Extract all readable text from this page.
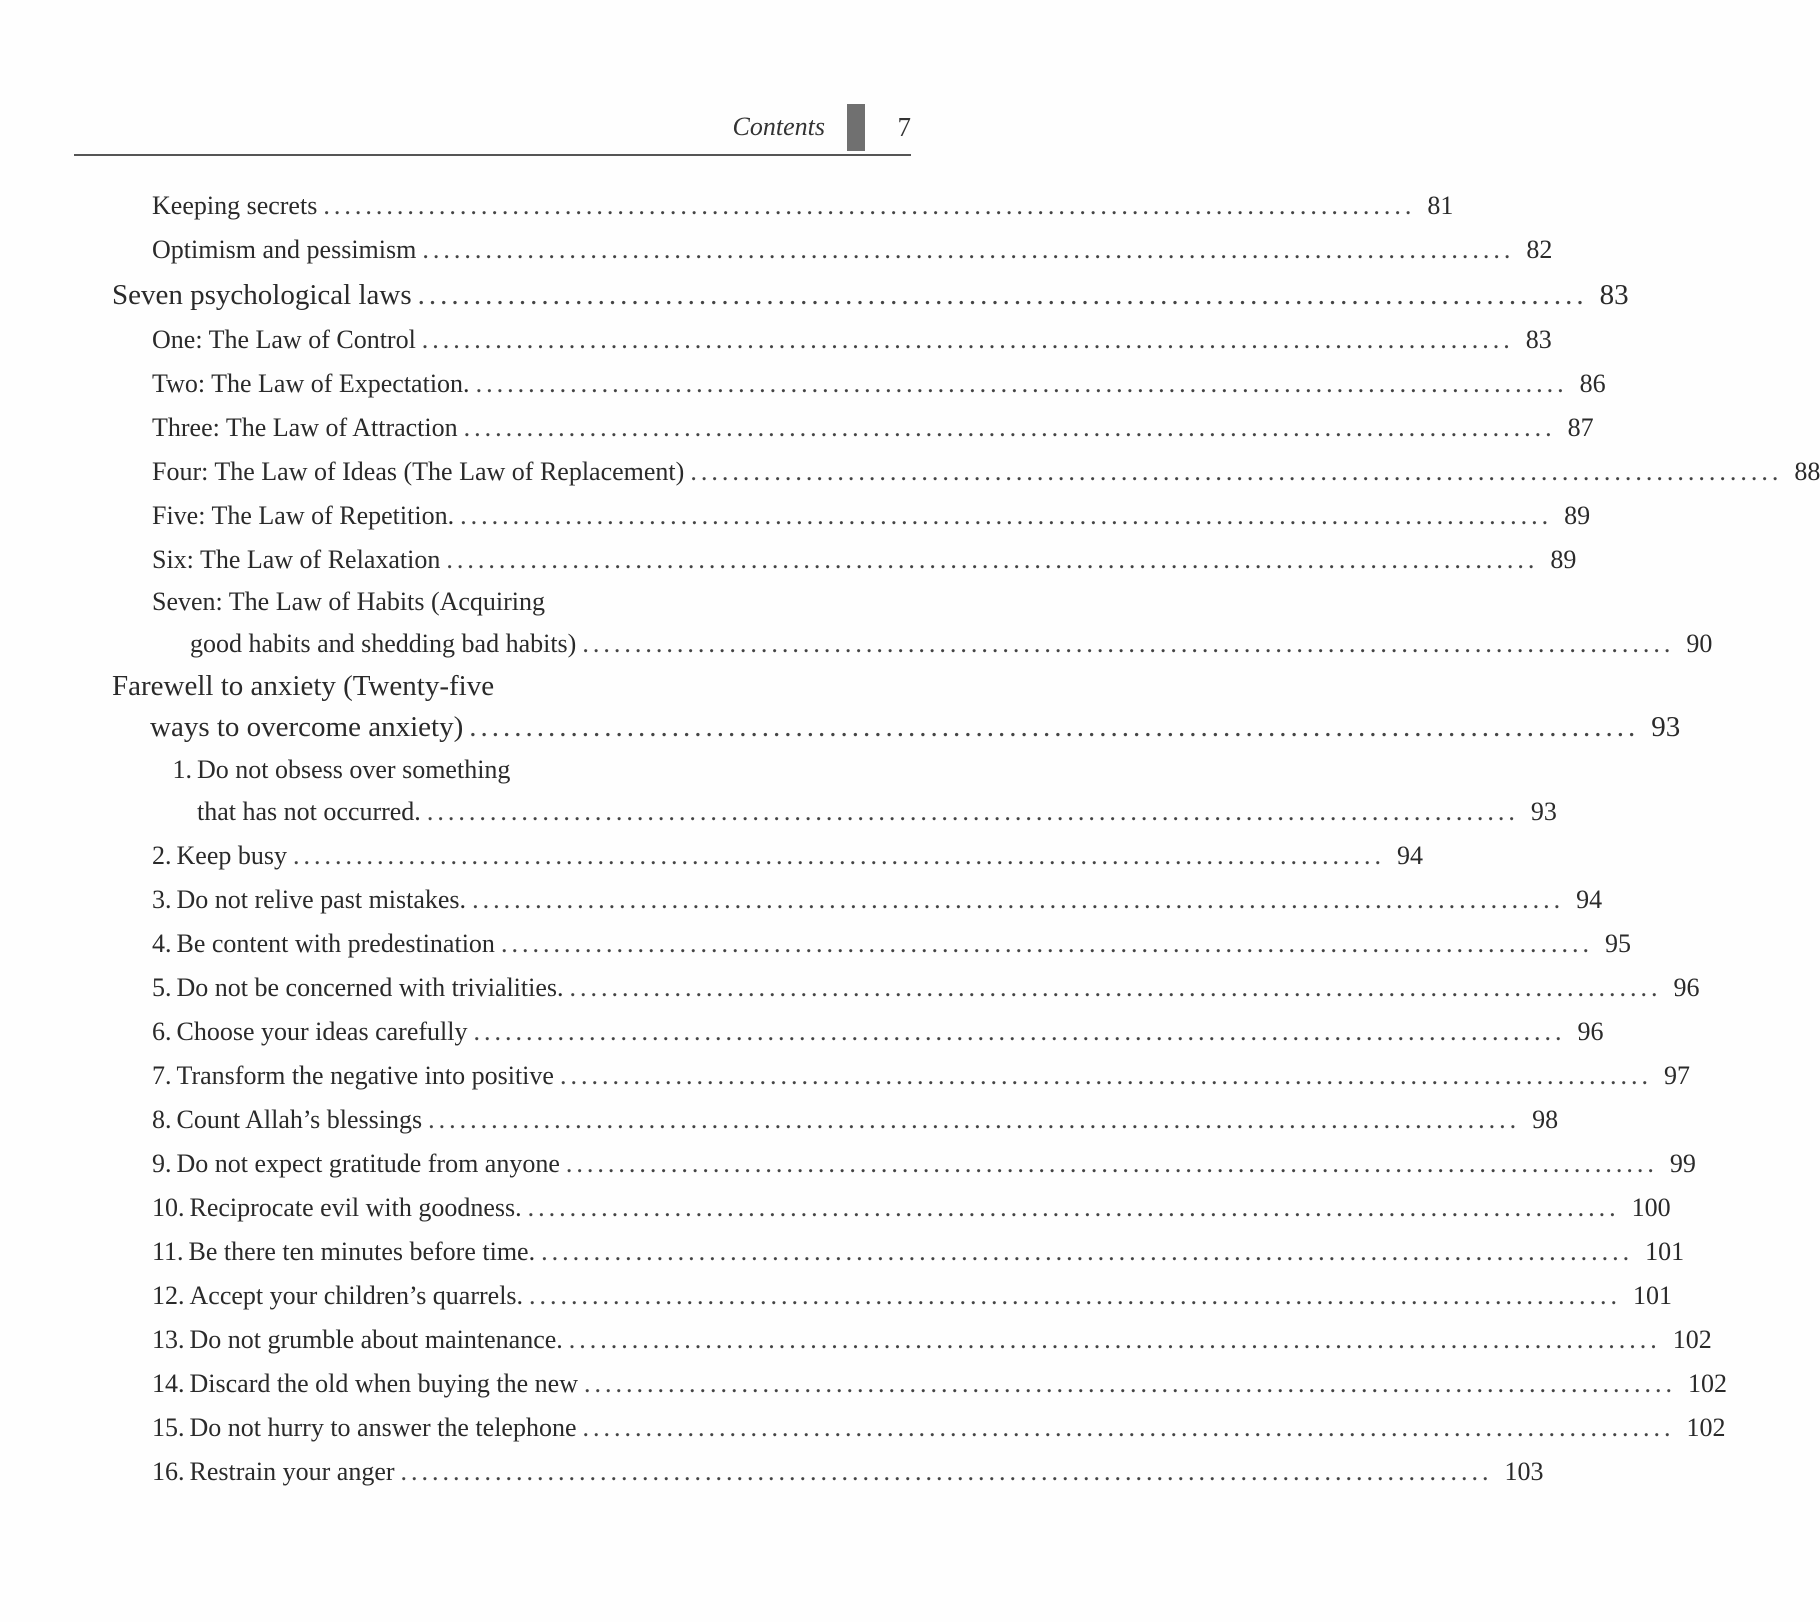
Contents	7
Keeping secrets ........................................................................................................ 81
Optimism and pessimism ........................................................................................................ 82
Seven psychological laws ........................................................................................................ 83
One: The Law of Control ........................................................................................................ 83
Two: The Law of Expectation. ........................................................................................................ 86
Three: The Law of Attraction ........................................................................................................ 87
Four: The Law of Ideas (The Law of Replacement) ........................................................................................................ 88
Five: The Law of Repetition. ........................................................................................................ 89
Six: The Law of Relaxation ........................................................................................................ 89
Seven: The Law of Habits (Acquiring
good habits and shedding bad habits) ........................................................................................................ 90
Farewell to anxiety (Twenty-five
ways to overcome anxiety) ........................................................................................................ 93
1. Do not obsess over something
that has not occurred. ........................................................................................................ 93
2. Keep busy ........................................................................................................ 94
3. Do not relive past mistakes. ........................................................................................................ 94
4. Be content with predestination ........................................................................................................ 95
5. Do not be concerned with trivialities. ........................................................................................................ 96
6. Choose your ideas carefully ........................................................................................................ 96
7. Transform the negative into positive ........................................................................................................ 97
8. Count Allah’s blessings ........................................................................................................ 98
9. Do not expect gratitude from anyone ........................................................................................................ 99
10. Reciprocate evil with goodness. ........................................................................................................ 100
11. Be there ten minutes before time. ........................................................................................................ 101
12. Accept your children’s quarrels. ........................................................................................................ 101
13. Do not grumble about maintenance. ........................................................................................................ 102
14. Discard the old when buying the new ........................................................................................................ 102
15. Do not hurry to answer the telephone ........................................................................................................ 102
16. Restrain your anger ........................................................................................................ 103
